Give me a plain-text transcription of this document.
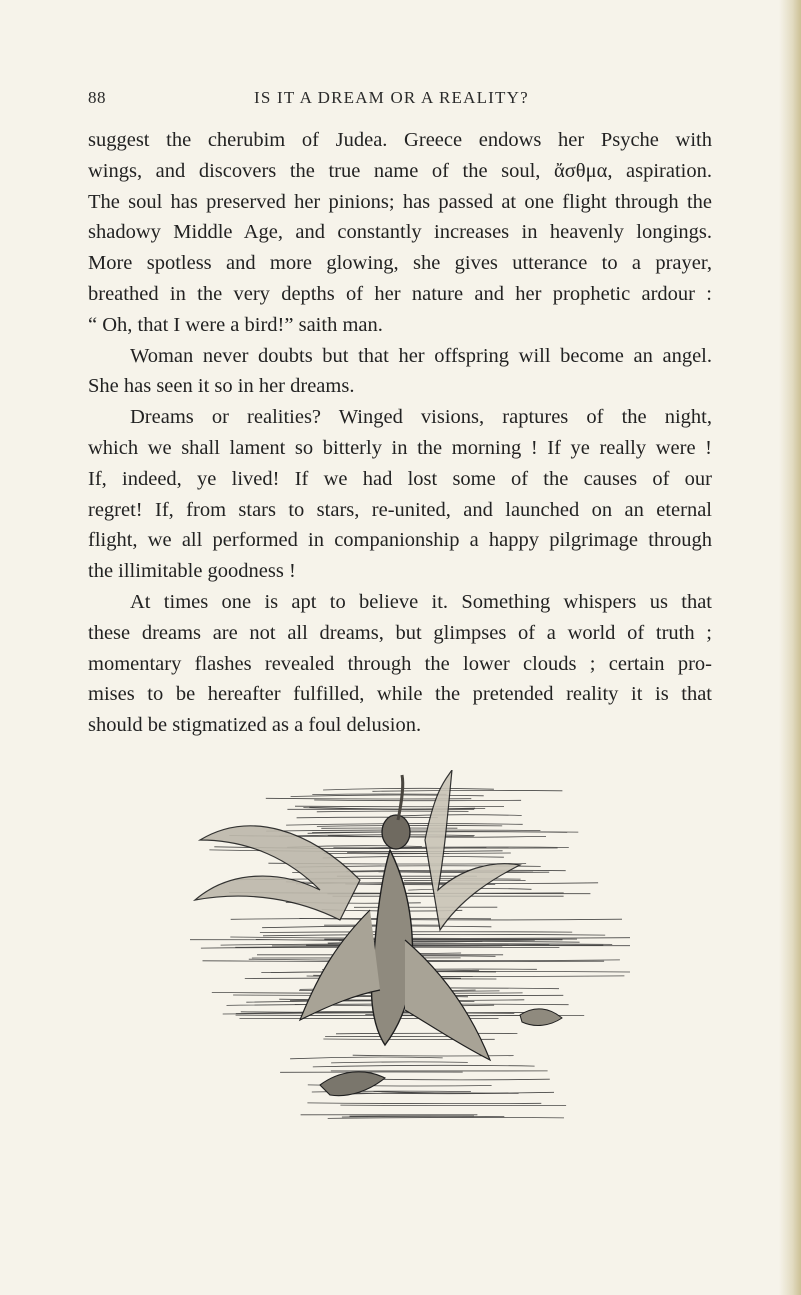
88	IS IT A DREAM OR A REALITY?
suggest the cherubim of Judea. Greece endows her Psyche with
wings, and discovers the true name of the soul, ἄσθμα, aspiration.
The soul has preserved her pinions; has passed at one flight through the
shadowy Middle Age, and constantly increases in heavenly longings.
More spotless and more glowing, she gives utterance to a prayer,
breathed in the very depths of her nature and her prophetic ardour :
“ Oh, that I were a bird!” saith man.
Woman never doubts but that her offspring will become an angel.
She has seen it so in her dreams.
Dreams or realities? Winged visions, raptures of the night,
which we shall lament so bitterly in the morning ! If ye really were !
If, indeed, ye lived! If we had lost some of the causes of our
regret! If, from stars to stars, re-united, and launched on an eternal
flight, we all performed in companionship a happy pilgrimage through
the illimitable goodness !
At times one is apt to believe it. Something whispers us that
these dreams are not all dreams, but glimpses of a world of truth ;
momentary flashes revealed through the lower clouds ; certain pro-
mises to be hereafter fulfilled, while the pretended reality it is that
should be stigmatized as a foul delusion.
